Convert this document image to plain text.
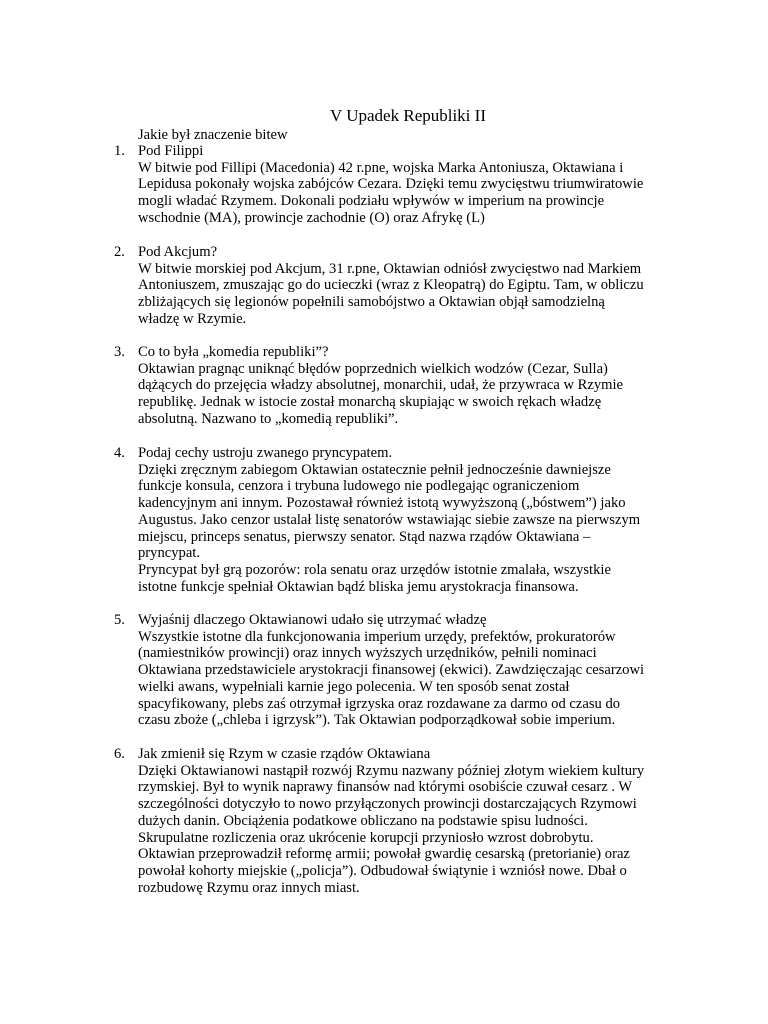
V Upadek Republiki II
Jakie był znaczenie bitew
1. Pod Filippi
W bitwie pod Fillipi (Macedonia) 42 r.pne, wojska Marka Antoniusza, Oktawiana i
Lepidusa pokonały wojska zabójców Cezara. Dzięki temu zwycięstwu triumwiratowie
mogli władać Rzymem. Dokonali podziału wpływów w imperium na prowincje
wschodnie (MA), prowincje zachodnie (O) oraz Afrykę (L)
2. Pod Akcjum?
W bitwie morskiej pod Akcjum, 31 r.pne, Oktawian odniósł zwycięstwo nad Markiem
Antoniuszem, zmuszając go do ucieczki (wraz z Kleopatrą) do Egiptu. Tam, w obliczu
zbliżających się legionów popełnili samobójstwo a Oktawian objął samodzielną
władzę w Rzymie.
3. Co to była „komedia republiki”?
Oktawian pragnąc uniknąć błędów poprzednich wielkich wodzów (Cezar, Sulla)
dążących do przejęcia władzy absolutnej, monarchii, udał, że przywraca w Rzymie
republikę. Jednak w istocie został monarchą skupiając w swoich rękach władzę
absolutną. Nazwano to „komedią republiki”.
4. Podaj cechy ustroju zwanego pryncypatem.
Dzięki zręcznym zabiegom Oktawian ostatecznie pełnił jednocześnie dawniejsze
funkcje konsula, cenzora i trybuna ludowego nie podlegając ograniczeniom
kadencyjnym ani innym. Pozostawał również istotą wywyższoną („bóstwem”) jako
Augustus. Jako cenzor ustalał listę senatorów wstawiając siebie zawsze na pierwszym
miejscu, princeps senatus, pierwszy senator. Stąd nazwa rządów Oktawiana –
pryncypat.
Pryncypat był grą pozorów: rola senatu oraz urzędów istotnie zmalała, wszystkie
istotne funkcje spełniał Oktawian bądź bliska jemu arystokracja finansowa.
5. Wyjaśnij dlaczego Oktawianowi udało się utrzymać władzę
Wszystkie istotne dla funkcjonowania imperium urzędy, prefektów, prokuratorów
(namiestników prowincji) oraz innych wyższych urzędników, pełnili nominaci
Oktawiana przedstawiciele arystokracji finansowej (ekwici). Zawdzięczając cesarzowi
wielki awans, wypełniali karnie jego polecenia. W ten sposób senat został
spacyfikowany, plebs zaś otrzymał igrzyska oraz rozdawane za darmo od czasu do
czasu zboże („chleba i igrzysk”). Tak Oktawian podporządkował sobie imperium.
6. Jak zmienił się Rzym w czasie rządów Oktawiana
Dzięki Oktawianowi nastąpił rozwój Rzymu nazwany później złotym wiekiem kultury
rzymskiej. Był to wynik naprawy finansów nad którymi osobiście czuwał cesarz . W
szczególności dotyczyło to nowo przyłączonych prowincji dostarczających Rzymowi
dużych danin. Obciążenia podatkowe obliczano na podstawie spisu ludności.
Skrupulatne rozliczenia oraz ukrócenie korupcji przyniosło wzrost dobrobytu.
Oktawian przeprowadził reformę armii; powołał gwardię cesarską (pretorianie) oraz
powołał kohorty miejskie („policja”). Odbudował świątynie i wzniósł nowe. Dbał o
rozbudowę Rzymu oraz innych miast.
